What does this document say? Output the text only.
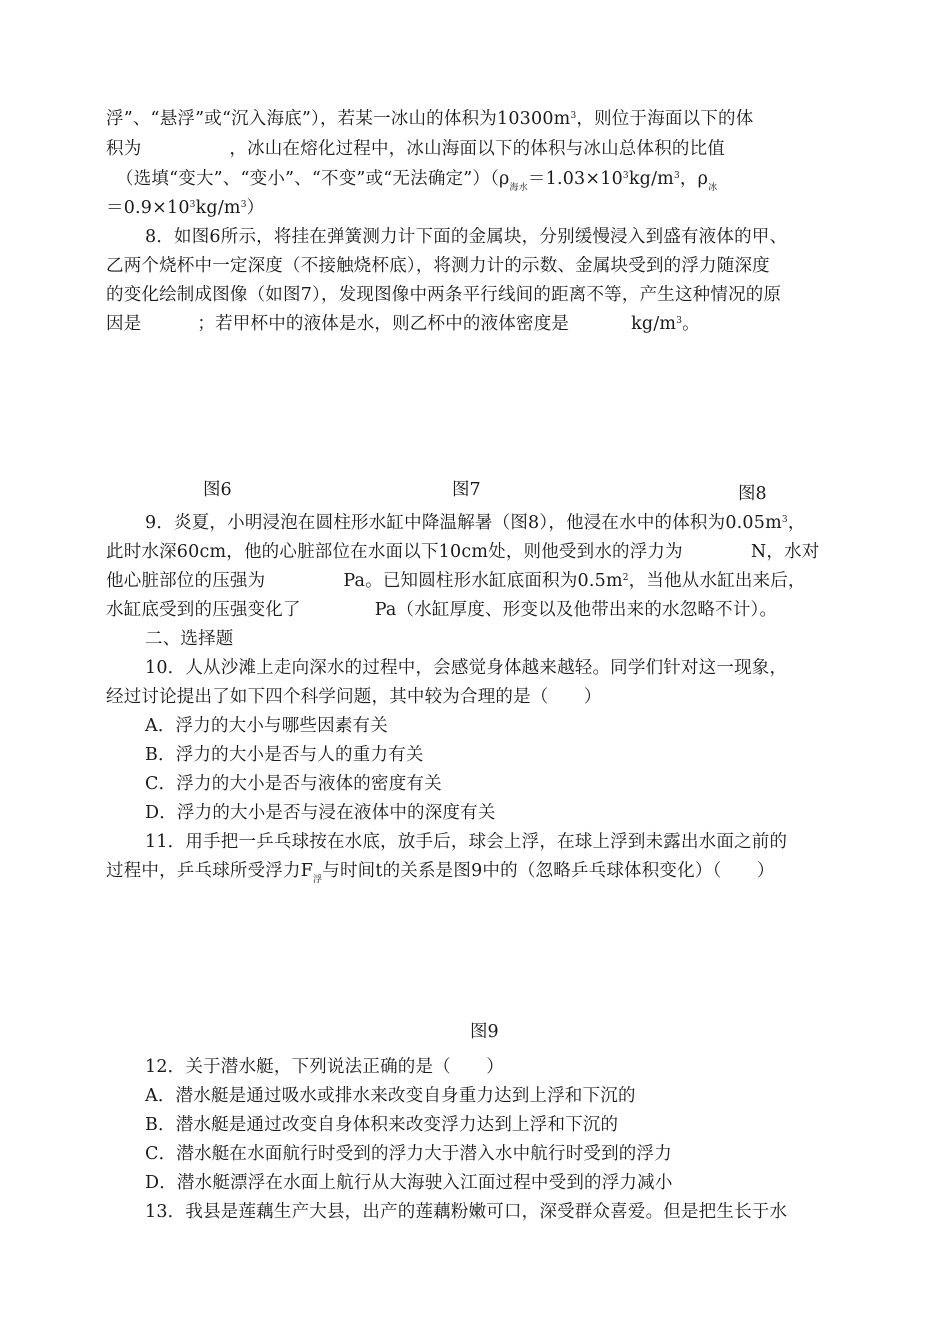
浮”、“悬浮”或“沉入海底”），若某一冰山的体积为$10300m^3$，则位于海面以下的体
积为	，冰山在熔化过程中，冰山海面以下的体积与冰山总体积的比值
（选填“变大”、“变小”、“不变”或“无法确定$”)(\rho_{海水}=1.03\times 10^3kg/m^3$，$\rho_冰$
$=0.9\times 10^3kg/m^3$）
8．如图6所示，将挂在弹簧测力计下面的金属块，分别缓慢浸入到盛有液体的甲、
乙两个烧杯中一定深度（不接触烧杯底），将测力计的示数、金属块受到的浮力随深度
的变化绘制成图像（如图7），发现图像中两条平行线间的距离不等，产生这种情况的原
因是	；若甲杯中的液体是水，则乙杯中的液体密度是	$kg/m^3$。
图6	图7	图8
9．炎夏，小明浸泡在圆柱形水缸中降温解暑（图8），他浸在水中的体积为$0.05m^3$，
此时水深60cm，他的心脏部位在水面以下10cm处，则他受到水的浮力为	N，水对
他心脏部位的压强为	Pa。已知圆柱形水缸底面积为$0.5m^2$，当他从水缸出来后，
水缸底受到的压强变化了	Pa（水缸厚度、形变以及他带出来的水忽略不计）。
二、选择题
10．人从沙滩上走向深水的过程中，会感觉身体越来越轻。同学们针对这一现象，
经过讨论提出了如下四个科学问题，其中较为合理的是（　　）
A．浮力的大小与哪些因素有关
B．浮力的大小是否与人的重力有关
C．浮力的大小是否与液体的密度有关
D．浮力的大小是否与浸在液体中的深度有关
11．用手把一乒乓球按在水底，放手后，球会上浮，在球上浮到未露出水面之前的
过程中，乒乓球所受浮力$F_浮$与时间t的关系是图9中的（忽略乒乓球体积变化）（　　）
图9
12．关于潜水艇，下列说法正确的是（　　）
A．潜水艇是通过吸水或排水来改变自身重力达到上浮和下沉的
B．潜水艇是通过改变自身体积来改变浮力达到上浮和下沉的
C．潜水艇在水面航行时受到的浮力大于潜入水中航行时受到的浮力
D．潜水艇漂浮在水面上航行从大海驶入江面过程中受到的浮力减小
13．我县是莲藕生产大县，出产的莲藕粉嫩可口，深受群众喜爱。但是把生长于水
